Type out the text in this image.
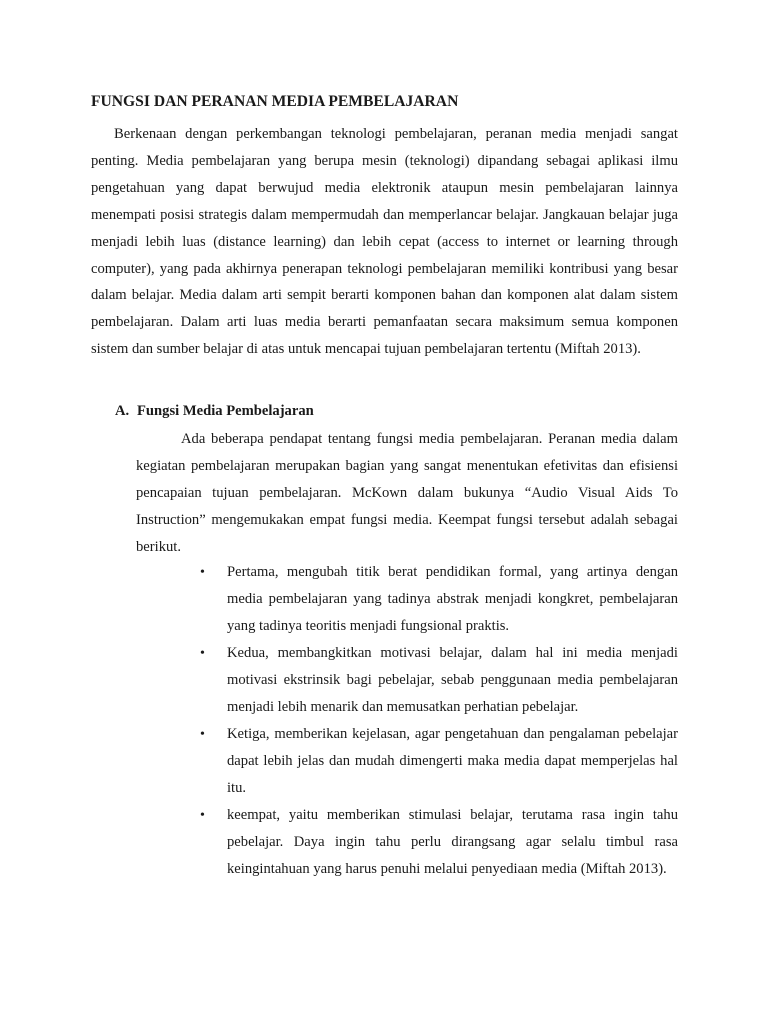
FUNGSI DAN PERANAN MEDIA PEMBELAJARAN

Berkenaan dengan perkembangan teknologi pembelajaran, peranan media menjadi sangat penting. Media pembelajaran yang berupa mesin (teknologi) dipandang sebagai aplikasi ilmu pengetahuan yang dapat berwujud media elektronik ataupun mesin pembelajaran lainnya menempati posisi strategis dalam mempermudah dan memperlancar belajar. Jangkauan belajar juga menjadi lebih luas (distance learning) dan lebih cepat (access to internet or learning through computer), yang pada akhirnya penerapan teknologi pembelajaran memiliki kontribusi yang besar dalam belajar. Media dalam arti sempit berarti komponen bahan dan komponen alat dalam sistem pembelajaran. Dalam arti luas media berarti pemanfaatan secara maksimum semua komponen sistem dan sumber belajar di atas untuk mencapai tujuan pembelajaran tertentu (Miftah 2013).

A. Fungsi Media Pembelajaran

Ada beberapa pendapat tentang fungsi media pembelajaran. Peranan media dalam kegiatan pembelajaran merupakan bagian yang sangat menentukan efetivitas dan efisiensi pencapaian tujuan pembelajaran. McKown dalam bukunya “Audio Visual Aids To Instruction” mengemukakan empat fungsi media. Keempat fungsi tersebut adalah sebagai berikut.

• Pertama, mengubah titik berat pendidikan formal, yang artinya dengan media pembelajaran yang tadinya abstrak menjadi kongkret, pembelajaran yang tadinya teoritis menjadi fungsional praktis.
• Kedua, membangkitkan motivasi belajar, dalam hal ini media menjadi motivasi ekstrinsik bagi pebelajar, sebab penggunaan media pembelajaran menjadi lebih menarik dan memusatkan perhatian pebelajar.
• Ketiga, memberikan kejelasan, agar pengetahuan dan pengalaman pebelajar dapat lebih jelas dan mudah dimengerti maka media dapat memperjelas hal itu.
• keempat, yaitu memberikan stimulasi belajar, terutama rasa ingin tahu pebelajar. Daya ingin tahu perlu dirangsang agar selalu timbul rasa keingintahuan yang harus penuhi melalui penyediaan media (Miftah 2013).
